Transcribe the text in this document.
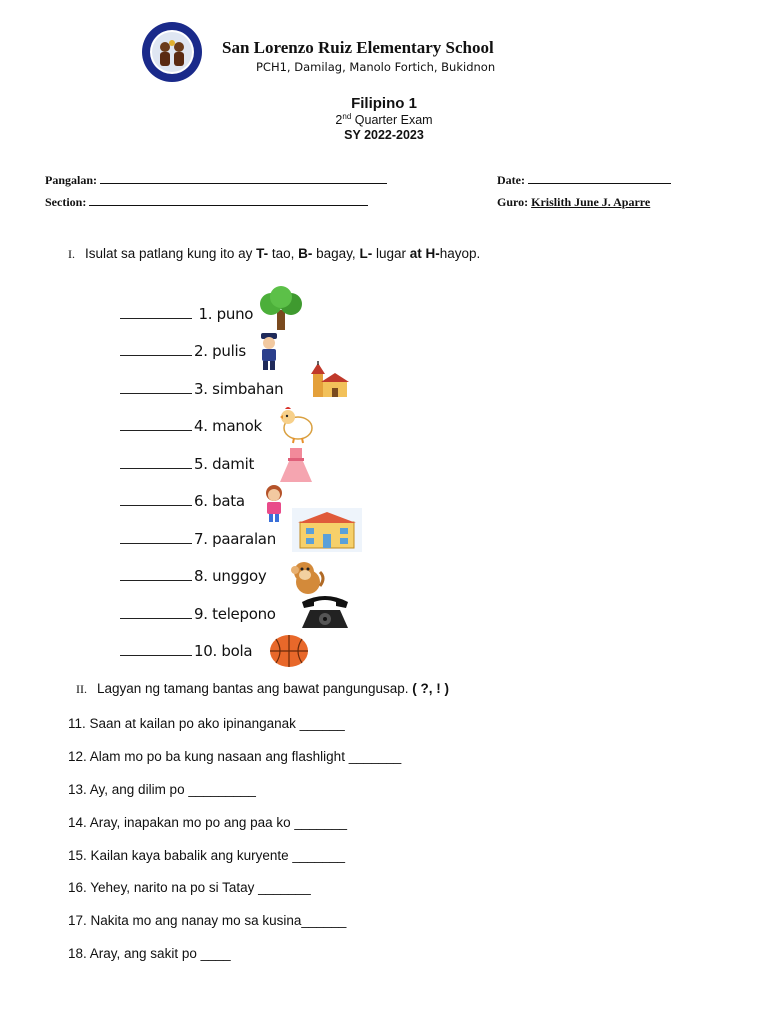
San Lorenzo Ruiz Elementary School
PCH1, Damilag, Manolo Fortich, Bukidnon
Filipino 1
2nd Quarter Exam
SY 2022-2023
Pangalan:
Section:
Date:
Guro: Krislith June J. Aparre
I. Isulat sa patlang kung ito ay T- tao, B- bagay, L- lugar at H-hayop.
1. puno
2. pulis
3. simbahan
4. manok
5. damit
6. bata
7. paaralan
8. unggoy
9. telepono
10. bola
II. Lagyan ng tamang bantas ang bawat pangungusap. ( ?, ! )
11. Saan at kailan po ako ipinanganak ______
12. Alam mo po ba kung nasaan ang flashlight _______
13. Ay, ang dilim po _________
14. Aray, inapakan mo po ang paa ko _______
15. Kailan kaya babalik ang kuryente _______
16. Yehey, narito na po si Tatay _______
17. Nakita mo ang nanay mo sa kusina______
18. Aray, ang sakit po ____
